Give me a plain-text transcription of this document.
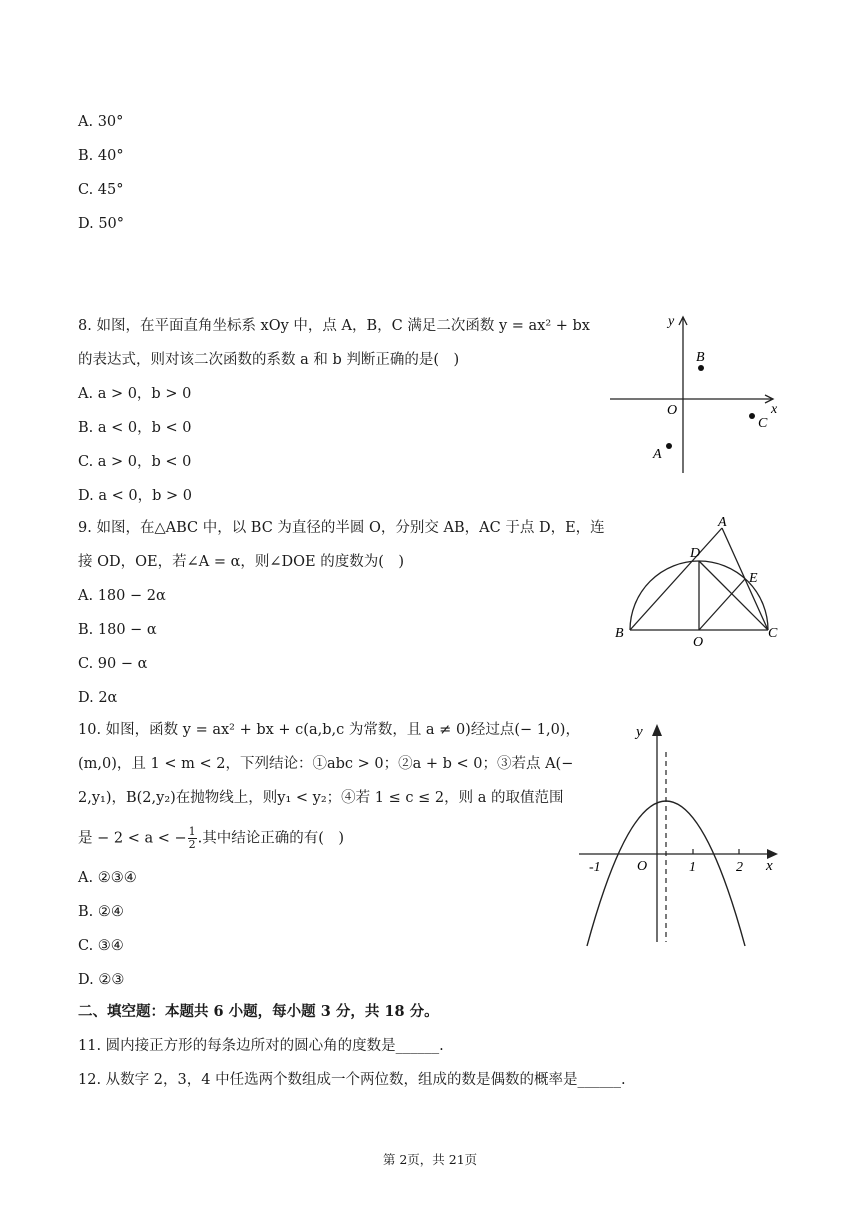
A. 30°
B. 40°
C. 45°
D. 50°
8. 如图，在平面直角坐标系 xOy 中，点 A，B，C 满足二次函数 y = ax² + bx
的表达式，则对该二次函数的系数 a 和 b 判断正确的是(　)
A. a > 0，b > 0
B. a < 0，b < 0
C. a > 0，b < 0
D. a < 0，b > 0
y
x
O
B
C
A
9. 如图，在△ABC 中，以 BC 为直径的半圆 O，分别交 AB，AC 于点 D，E，连
接 OD，OE，若∠A = α，则∠DOE 的度数为(　)
A. 180 − 2α
B. 180 − α
C. 90 − α
D. 2α
A
B	C
D
E
O
10. 如图，函数 y = ax² + bx + c(a,b,c 为常数，且 a ≠ 0)经过点(− 1,0)，
(m,0)，且 1 < m < 2，下列结论：①abc > 0；②a + b < 0；③若点 A(−
2,y₁)，B(2,y₂)在抛物线上，则y₁ < y₂；④若 1 ≤ c ≤ 2，则 a 的取值范围
是 − 2 < a < − $\frac{1}{2}$ .其中结论正确的有(　)
A. ②③④
B. ②④
C. ③④
D. ②③
y
x
O
-1	1	2
二、填空题：本题共 6 小题，每小题 3 分，共 18 分。
11. 圆内接正方形的每条边所对的圆心角的度数是______.
12. 从数字 2，3，4 中任选两个数组成一个两位数，组成的数是偶数的概率是______.
第 2页，共 21页
